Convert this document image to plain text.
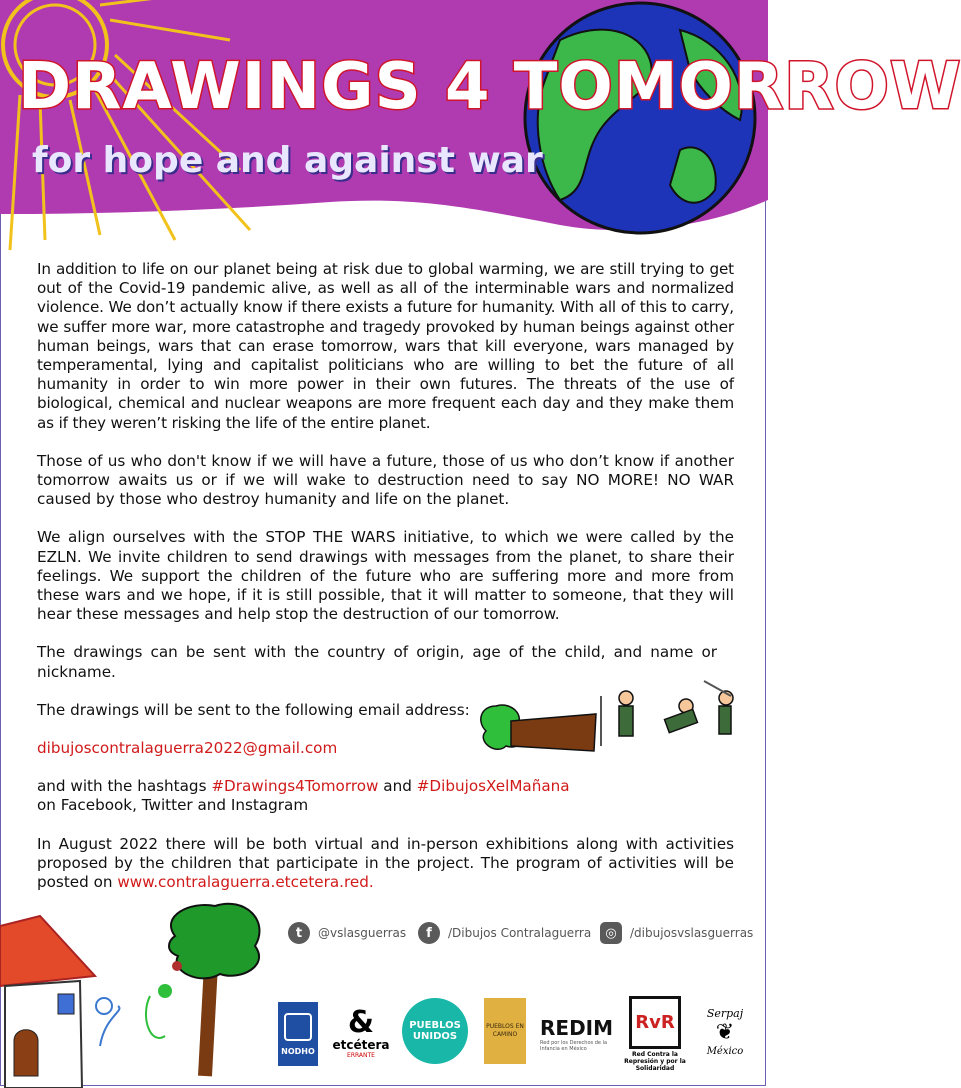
DRAWINGS 4 TOMORROW
for hope and against war

In addition to life on our planet being at risk due to global warming, we are still trying to get out of the Covid-19 pandemic alive, as well as all of the interminable wars and normalized violence. We don’t actually know if there exists a future for humanity. With all of this to carry, we suffer more war, more catastrophe and tragedy provoked by human beings against other human beings, wars that can erase tomorrow, wars that kill everyone, wars managed by temperamental, lying and capitalist politicians who are willing to bet the future of all humanity in order to win more power in their own futures. The threats of the use of biological, chemical and nuclear weapons are more frequent each day and they make them as if they weren’t risking the life of the entire planet.

Those of us who don't know if we will have a future, those of us who don’t know if another tomorrow awaits us or if we will wake to destruction need to say NO MORE! NO WAR caused by those who destroy humanity and life on the planet.

We align ourselves with the STOP THE WARS initiative, to which we were called by the EZLN. We invite children to send drawings with messages from the planet, to share their feelings. We support the children of the future who are suffering more and more from these wars and we hope, if it is still possible, that it will matter to someone, that they will hear these messages and help stop the destruction of our tomorrow.

The drawings can be sent with the country of origin, age of the child, and name or nickname.

The drawings will be sent to the following email address:

dibujoscontralaguerra2022@gmail.com
and with the hashtags #Drawings4Tomorrow and #DibujosXelMañana
on Facebook, Twitter and Instagram

In August 2022 there will be both virtual and in-person exhibitions along with activities proposed by the children that participate in the project. The program of activities will be posted on www.contralaguerra.etcetera.red.

t	@vslasguerras	f	/Dibujos Contralaguerra	◎	/dibujosvslasguerras
NODHO
&
etcétera
ERRANTE
PUEBLOS UNIDOS
PUEBLOS EN CAMINO	REDIM
Red por los Derechos de la Infancia en México
RvR
Red Contra la Represión y por la Solidaridad
Serpaj
❦
México
